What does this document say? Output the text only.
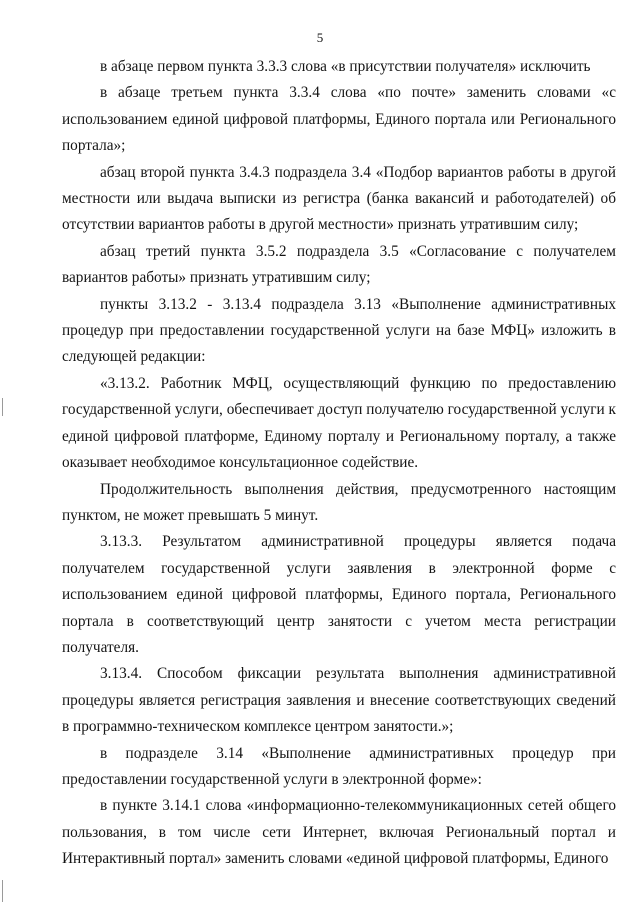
5

в абзаце первом пункта 3.3.3 слова «в присутствии получателя» исключить

в абзаце третьем пункта 3.3.4 слова «по почте» заменить словами «с использованием единой цифровой платформы, Единого портала или Регионального портала»;

абзац второй пункта 3.4.3 подраздела 3.4 «Подбор вариантов работы в другой местности или выдача выписки из регистра (банка вакансий и работодателей) об отсутствии вариантов работы в другой местности» признать утратившим силу;

абзац третий пункта 3.5.2 подраздела 3.5 «Согласование с получателем вариантов работы» признать утратившим силу;

пункты 3.13.2 - 3.13.4 подраздела 3.13 «Выполнение административных процедур при предоставлении государственной услуги на базе МФЦ» изложить в следующей редакции:

«3.13.2. Работник МФЦ, осуществляющий функцию по предоставлению государственной услуги, обеспечивает доступ получателю государственной услуги к единой цифровой платформе, Единому порталу и Региональному порталу, а также оказывает необходимое консультационное содействие.

Продолжительность выполнения действия, предусмотренного настоящим пунктом, не может превышать 5 минут.

3.13.3. Результатом административной процедуры является подача получателем государственной услуги заявления в электронной форме с использованием единой цифровой платформы, Единого портала, Регионального портала в соответствующий центр занятости с учетом места регистрации получателя.

3.13.4. Способом фиксации результата выполнения административной процедуры является регистрация заявления и внесение соответствующих сведений в программно-техническом комплексе центром занятости.»;

в подразделе 3.14 «Выполнение административных процедур при предоставлении государственной услуги в электронной форме»:

в пункте 3.14.1 слова «информационно-телекоммуникационных сетей общего пользования, в том числе сети Интернет, включая Региональный портал и Интерактивный портал» заменить словами «единой цифровой платформы, Единого
